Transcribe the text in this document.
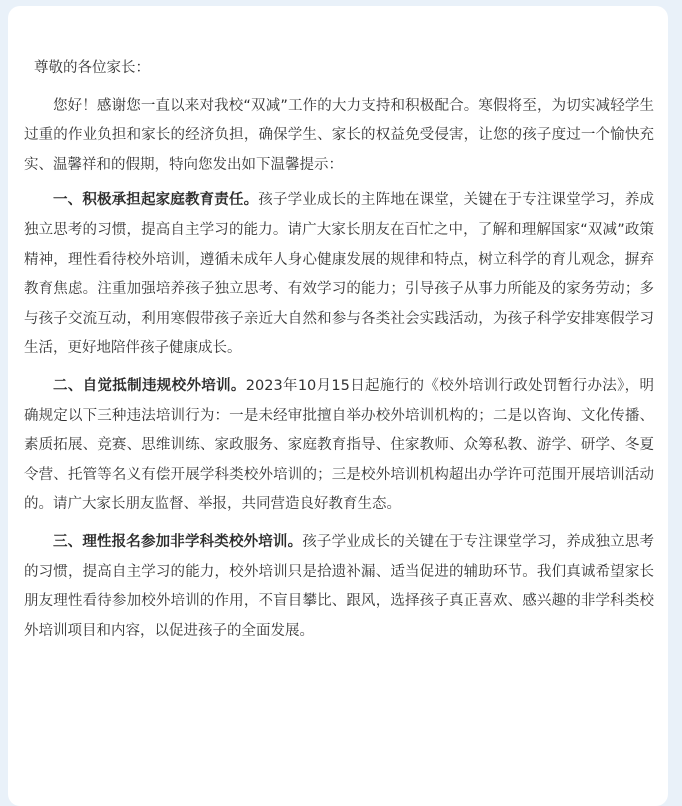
尊敬的各位家长：

您好！感谢您一直以来对我校“双减”工作的大力支持和积极配合。寒假将至，为切实减轻学生过重的作业负担和家长的经济负担，确保学生、家长的权益免受侵害，让您的孩子度过一个愉快充实、温馨祥和的假期，特向您发出如下温馨提示：

一、积极承担起家庭教育责任。孩子学业成长的主阵地在课堂，关键在于专注课堂学习，养成独立思考的习惯，提高自主学习的能力。请广大家长朋友在百忙之中，了解和理解国家“双减”政策精神，理性看待校外培训，遵循未成年人身心健康发展的规律和特点，树立科学的育儿观念，摒弃教育焦虑。注重加强培养孩子独立思考、有效学习的能力；引导孩子从事力所能及的家务劳动；多与孩子交流互动，利用寒假带孩子亲近大自然和参与各类社会实践活动，为孩子科学安排寒假学习生活，更好地陪伴孩子健康成长。

二、自觉抵制违规校外培训。2023年10月15日起施行的《校外培训行政处罚暂行办法》，明确规定以下三种违法培训行为：一是未经审批擅自举办校外培训机构的；二是以咨询、文化传播、素质拓展、竞赛、思维训练、家政服务、家庭教育指导、住家教师、众筹私教、游学、研学、冬夏令营、托管等名义有偿开展学科类校外培训的；三是校外培训机构超出办学许可范围开展培训活动的。请广大家长朋友监督、举报，共同营造良好教育生态。

三、理性报名参加非学科类校外培训。孩子学业成长的关键在于专注课堂学习，养成独立思考的习惯，提高自主学习的能力，校外培训只是拾遗补漏、适当促进的辅助环节。我们真诚希望家长朋友理性看待参加校外培训的作用，不盲目攀比、跟风，选择孩子真正喜欢、感兴趣的非学科类校外培训项目和内容，以促进孩子的全面发展。
